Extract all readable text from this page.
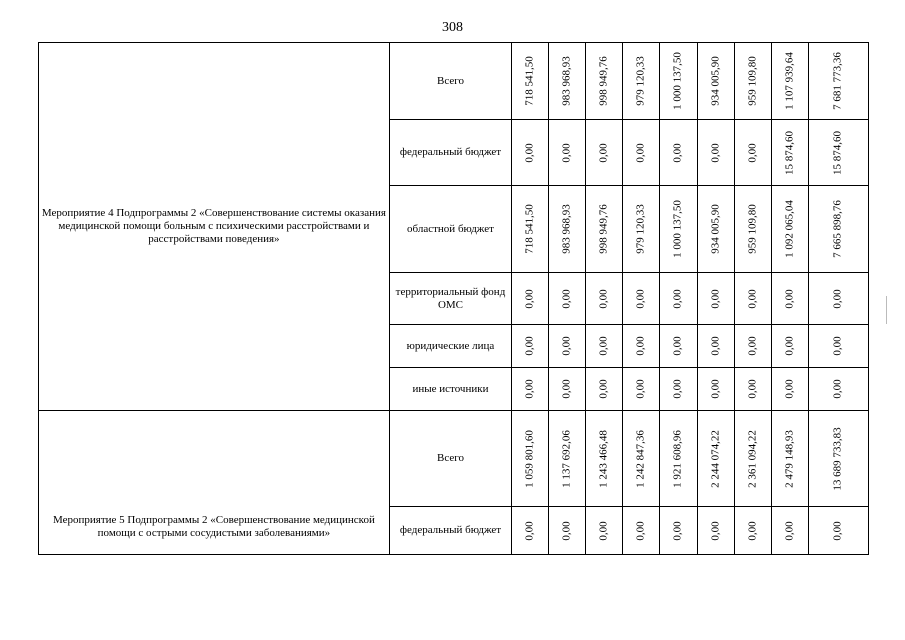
308
Мероприятие 4 Подпрограммы 2 «Совершенствование системы оказания медицинской помощи больным с психическими расстройствами и расстройствами поведения»	Всего	718 541,50	983 968,93	998 949,76	979 120,33	1 000 137,50	934 005,90	959 109,80	1 107 939,64	7 681 773,36

	федеральный бюджет	0,00	0,00	0,00	0,00	0,00	0,00	0,00	15 874,60	15 874,60

	областной бюджет	718 541,50	983 968,93	998 949,76	979 120,33	1 000 137,50	934 005,90	959 109,80	1 092 065,04	7 665 898,76

	территориальный фонд ОМС	0,00	0,00	0,00	0,00	0,00	0,00	0,00	0,00	0,00

	юридические лица	0,00	0,00	0,00	0,00	0,00	0,00	0,00	0,00	0,00

	иные источники	0,00	0,00	0,00	0,00	0,00	0,00	0,00	0,00	0,00

Мероприятие 5 Подпрограммы 2 «Совершенствование медицинской помощи с острыми сосудистыми заболеваниями»	Всего	1 059 801,60	1 137 692,06	1 243 466,48	1 242 847,36	1 921 608,96	2 244 074,22	2 361 094,22	2 479 148,93	13 689 733,83

	федеральный бюджет	0,00	0,00	0,00	0,00	0,00	0,00	0,00	0,00	0,00
